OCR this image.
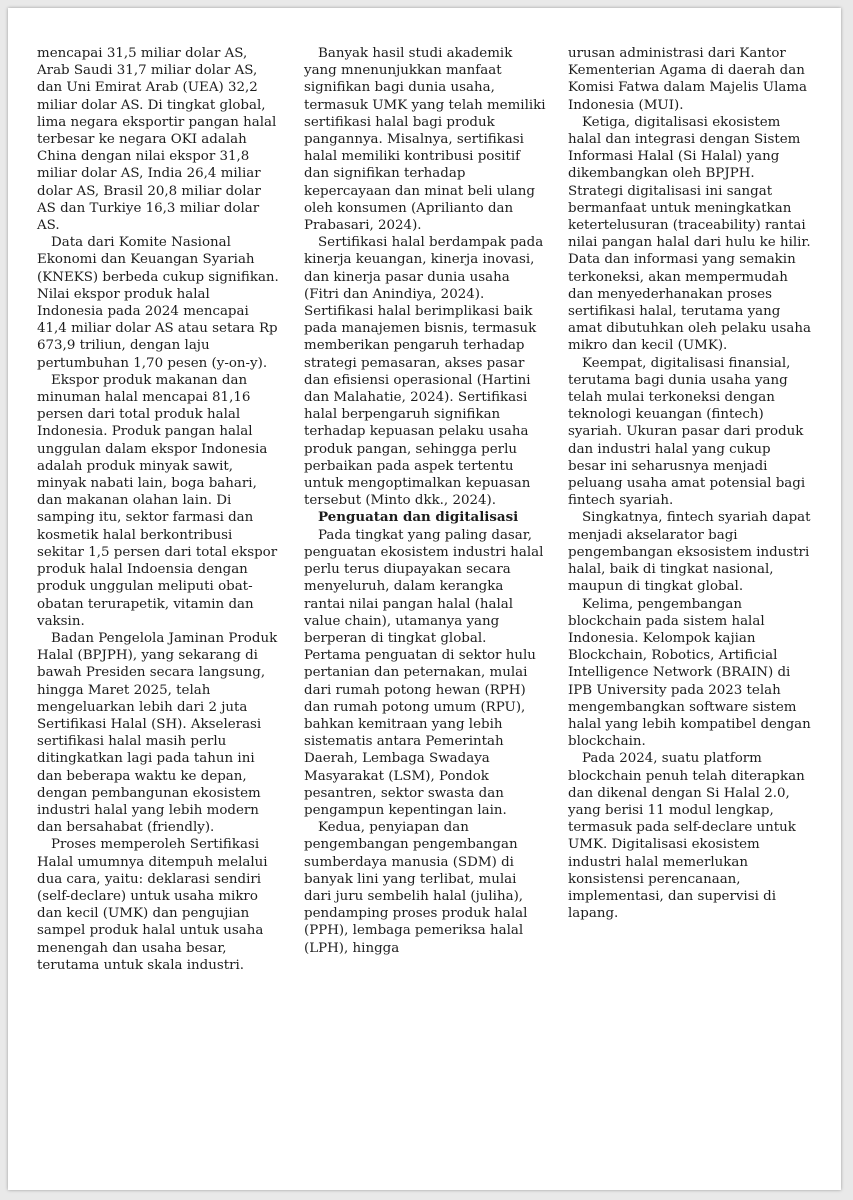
mencapai 31,5 miliar dolar AS, Arab Saudi 31,7 miliar dolar AS, dan Uni Emirat Arab (UEA) 32,2 miliar dolar AS. Di tingkat global, lima negara eksportir pangan halal terbesar ke negara OKI adalah China dengan nilai ekspor 31,8 miliar dolar AS, India 26,4 miliar dolar AS, Brasil 20,8 miliar dolar AS dan Turkiye 16,3 miliar dolar AS.

Data dari Komite Nasional Ekonomi dan Keuangan Syariah (KNEKS) berbeda cukup signifikan. Nilai ekspor produk halal Indonesia pada 2024 mencapai 41,4 miliar dolar AS atau setara Rp 673,9 triliun, dengan laju pertumbuhan 1,70 pesen (y-on-y).

Ekspor produk makanan dan minuman halal mencapai 81,16 persen dari total produk halal Indonesia. Produk pangan halal unggulan dalam ekspor Indonesia adalah produk minyak sawit, minyak nabati lain, boga bahari, dan makanan olahan lain. Di samping itu, sektor farmasi dan kosmetik halal berkontribusi sekitar 1,5 persen dari total ekspor produk halal Indoensia dengan produk unggulan meliputi obat-obatan terurapetik, vitamin dan vaksin.

Badan Pengelola Jaminan Produk Halal (BPJPH), yang sekarang di bawah Presiden secara langsung, hingga Maret 2025, telah mengeluarkan lebih dari 2 juta Sertifikasi Halal (SH). Akselerasi sertifikasi halal masih perlu ditingkatkan lagi pada tahun ini dan beberapa waktu ke depan, dengan pembangunan ekosistem industri halal yang lebih modern dan bersahabat (friendly).

Proses memperoleh Sertifikasi Halal umumnya ditempuh melalui dua cara, yaitu: deklarasi sendiri (self-declare) untuk usaha mikro dan kecil (UMK) dan pengujian sampel produk halal untuk usaha menengah dan usaha besar, terutama untuk skala industri.

Banyak hasil studi akademik yang mnenunjukkan manfaat signifikan bagi dunia usaha, termasuk UMK yang telah memiliki sertifikasi halal bagi produk pangannya. Misalnya, sertifikasi halal memiliki kontribusi positif dan signifikan terhadap kepercayaan dan minat beli ulang oleh konsumen (Aprilianto dan Prabasari, 2024).

Sertifikasi halal berdampak pada kinerja keuangan, kinerja inovasi, dan kinerja pasar dunia usaha (Fitri dan Anindiya, 2024). Sertifikasi halal berimplikasi baik pada manajemen bisnis, termasuk memberikan pengaruh terhadap strategi pemasaran, akses pasar dan efisiensi operasional (Hartini dan Malahatie, 2024). Sertifikasi halal berpengaruh signifikan terhadap kepuasan pelaku usaha produk pangan, sehingga perlu perbaikan pada aspek tertentu untuk mengoptimalkan kepuasan tersebut (Minto dkk., 2024).

Penguatan dan digitalisasi

Pada tingkat yang paling dasar, penguatan ekosistem industri halal perlu terus diupayakan secara menyeluruh, dalam kerangka rantai nilai pangan halal (halal value chain), utamanya yang berperan di tingkat global. Pertama penguatan di sektor hulu pertanian dan peternakan, mulai dari rumah potong hewan (RPH) dan rumah potong umum (RPU), bahkan kemitraan yang lebih sistematis antara Pemerintah Daerah, Lembaga Swadaya Masyarakat (LSM), Pondok pesantren, sektor swasta dan pengampun kepentingan lain.

Kedua, penyiapan dan pengembangan pengembangan sumberdaya manusia (SDM) di banyak lini yang terlibat, mulai dari juru sembelih halal (juliha), pendamping proses produk halal (PPH), lembaga pemeriksa halal (LPH), hingga

urusan administrasi dari Kantor Kementerian Agama di daerah dan Komisi Fatwa dalam Majelis Ulama Indonesia (MUI).

Ketiga, digitalisasi ekosistem halal dan integrasi dengan Sistem Informasi Halal (Si Halal) yang dikembangkan oleh BPJPH. Strategi digitalisasi ini sangat bermanfaat untuk meningkatkan ketertelusuran (traceability) rantai nilai pangan halal dari hulu ke hilir. Data dan informasi yang semakin terkoneksi, akan mempermudah dan menyederhanakan proses sertifikasi halal, terutama yang amat dibutuhkan oleh pelaku usaha mikro dan kecil (UMK).

Keempat, digitalisasi finansial, terutama bagi dunia usaha yang telah mulai terkoneksi dengan teknologi keuangan (fintech) syariah. Ukuran pasar dari produk dan industri halal yang cukup besar ini seharusnya menjadi peluang usaha amat potensial bagi fintech syariah.

Singkatnya, fintech syariah dapat menjadi akselarator bagi pengembangan eksosistem industri halal, baik di tingkat nasional, maupun di tingkat global.

Kelima, pengembangan blockchain pada sistem halal Indonesia. Kelompok kajian Blockchain, Robotics, Artificial Intelligence Network (BRAIN) di IPB University pada 2023 telah mengembangkan software sistem halal yang lebih kompatibel dengan blockchain.

Pada 2024, suatu platform blockchain penuh telah diterapkan dan dikenal dengan Si Halal 2.0, yang berisi 11 modul lengkap, termasuk pada self-declare untuk UMK. Digitalisasi ekosistem industri halal memerlukan konsistensi perencanaan, implementasi, dan supervisi di lapang.
